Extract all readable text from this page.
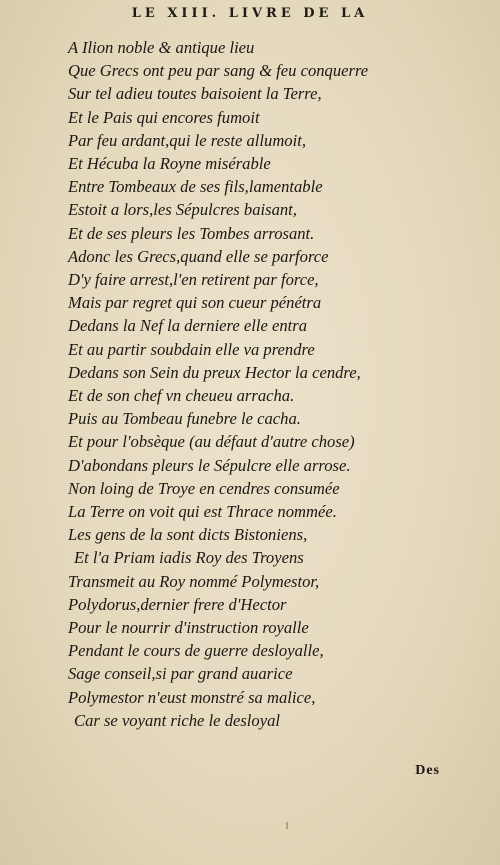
LE XIII. LIVRE DE LA
A Ilion noble & antique lieu
Que Grecs ont peu par sang & feu conquerre
Sur tel adieu toutes baisoient la Terre,
Et le Pais qui encores fumoit
Par feu ardant,qui le reste allumoit,
Et Hécuba la Royne misérable
Entre Tombeaux de ses fils,lamentable
Estoit a lors,les Sépulcres baisant,
Et de ses pleurs les Tombes arrosant.
Adonc les Grecs,quand elle se parforce
D'y faire arrest,l'en retirent par force,
Mais par regret qui son cueur pénétra
Dedans la Nef la derniere elle entra
Et au partir soubdain elle va prendre
Dedans son Sein du preux Hector la cendre,
Et de son chef vn cheueu arracha.
Puis au Tombeau funebre le cacha.
Et pour l'obsèque (au défaut d'autre chose)
D'abondans pleurs le Sépulcre elle arrose.
Non loing de Troye en cendres consumée
La Terre on voit qui est Thrace nommée.
Les gens de la sont dicts Bistoniens,
Et l'a Priam iadis Roy des Troyens
Transmeit au Roy nommé Polymestor,
Polydorus,dernier frere d'Hector
Pour le nourrir d'instruction royalle
Pendant le cours de guerre desloyalle,
Sage conseil,si par grand auarice
Polymestor n'eust monstré sa malice,
Car se voyant riche le desloyal
Des
